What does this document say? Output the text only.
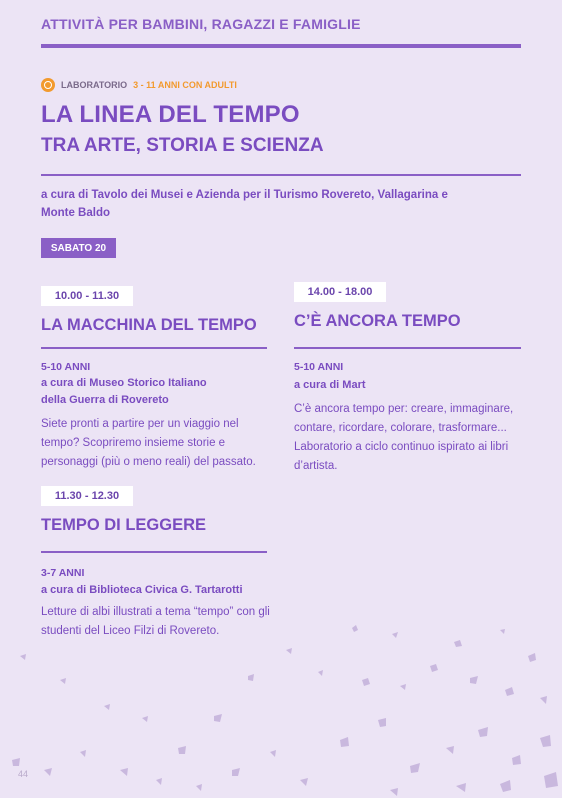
ATTIVITÀ PER BAMBINI, RAGAZZI E FAMIGLIE
LABORATORIO 3 - 11 ANNI CON ADULTI
LA LINEA DEL TEMPO
TRA ARTE, STORIA E SCIENZA
a cura di Tavolo dei Musei e Azienda per il Turismo Rovereto, Vallagarina e Monte Baldo
SABATO 20
10.00 - 11.30
LA MACCHINA DEL TEMPO
5-10 ANNI
a cura di Museo Storico Italiano della Guerra di Rovereto
Siete pronti a partire per un viaggio nel tempo? Scopriremo insieme storie e personaggi (più o meno reali) del passato.
11.30 - 12.30
TEMPO DI LEGGERE
3-7 ANNI
a cura di Biblioteca Civica G. Tartarotti
Letture di albi illustrati a tema “tempo” con gli studenti del Liceo Filzi di Rovereto.
14.00 - 18.00
C’È ANCORA TEMPO
5-10 ANNI
a cura di Mart
C’è ancora tempo per: creare, immaginare, contare, ricordare, colorare, trasformare... Laboratorio a ciclo continuo ispirato ai libri d’artista.
44
